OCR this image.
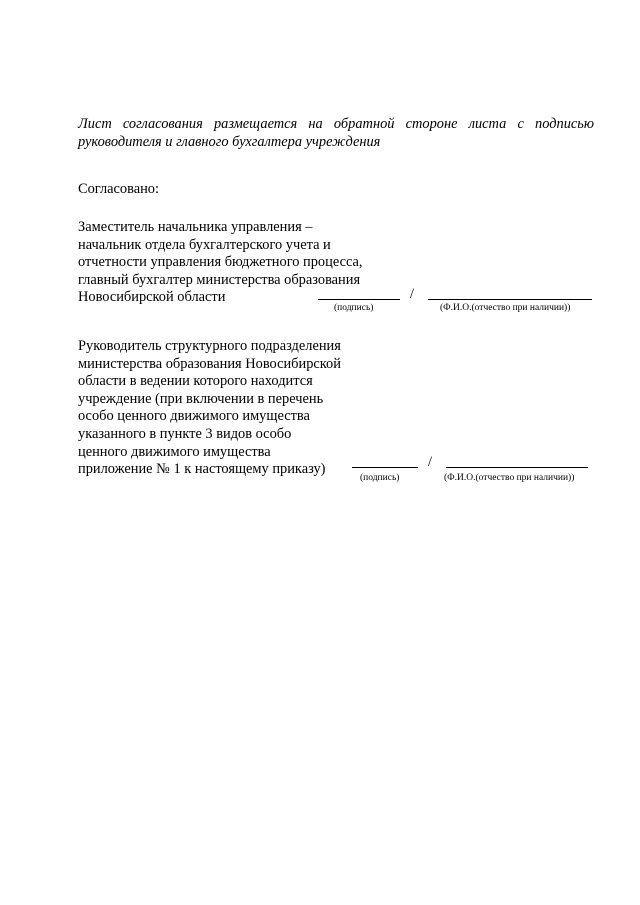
Лист согласования размещается на обратной стороне листа с подписью руководителя и главного бухгалтера учреждения
Согласовано:
Заместитель начальника управления –
начальник отдела бухгалтерского учета и
отчетности управления бюджетного процесса,
главный бухгалтер министерства образования
Новосибирской области	/
(подпись)	(Ф.И.О.(отчество при наличии))
Руководитель структурного подразделения
министерства образования Новосибирской
области в ведении которого находится
учреждение (при включении в перечень
особо ценного движимого имущества
указанного в пункте 3 видов особо
ценного движимого имущества
приложение № 1 к настоящему приказу)	/
(подпись)	(Ф.И.О.(отчество при наличии))
